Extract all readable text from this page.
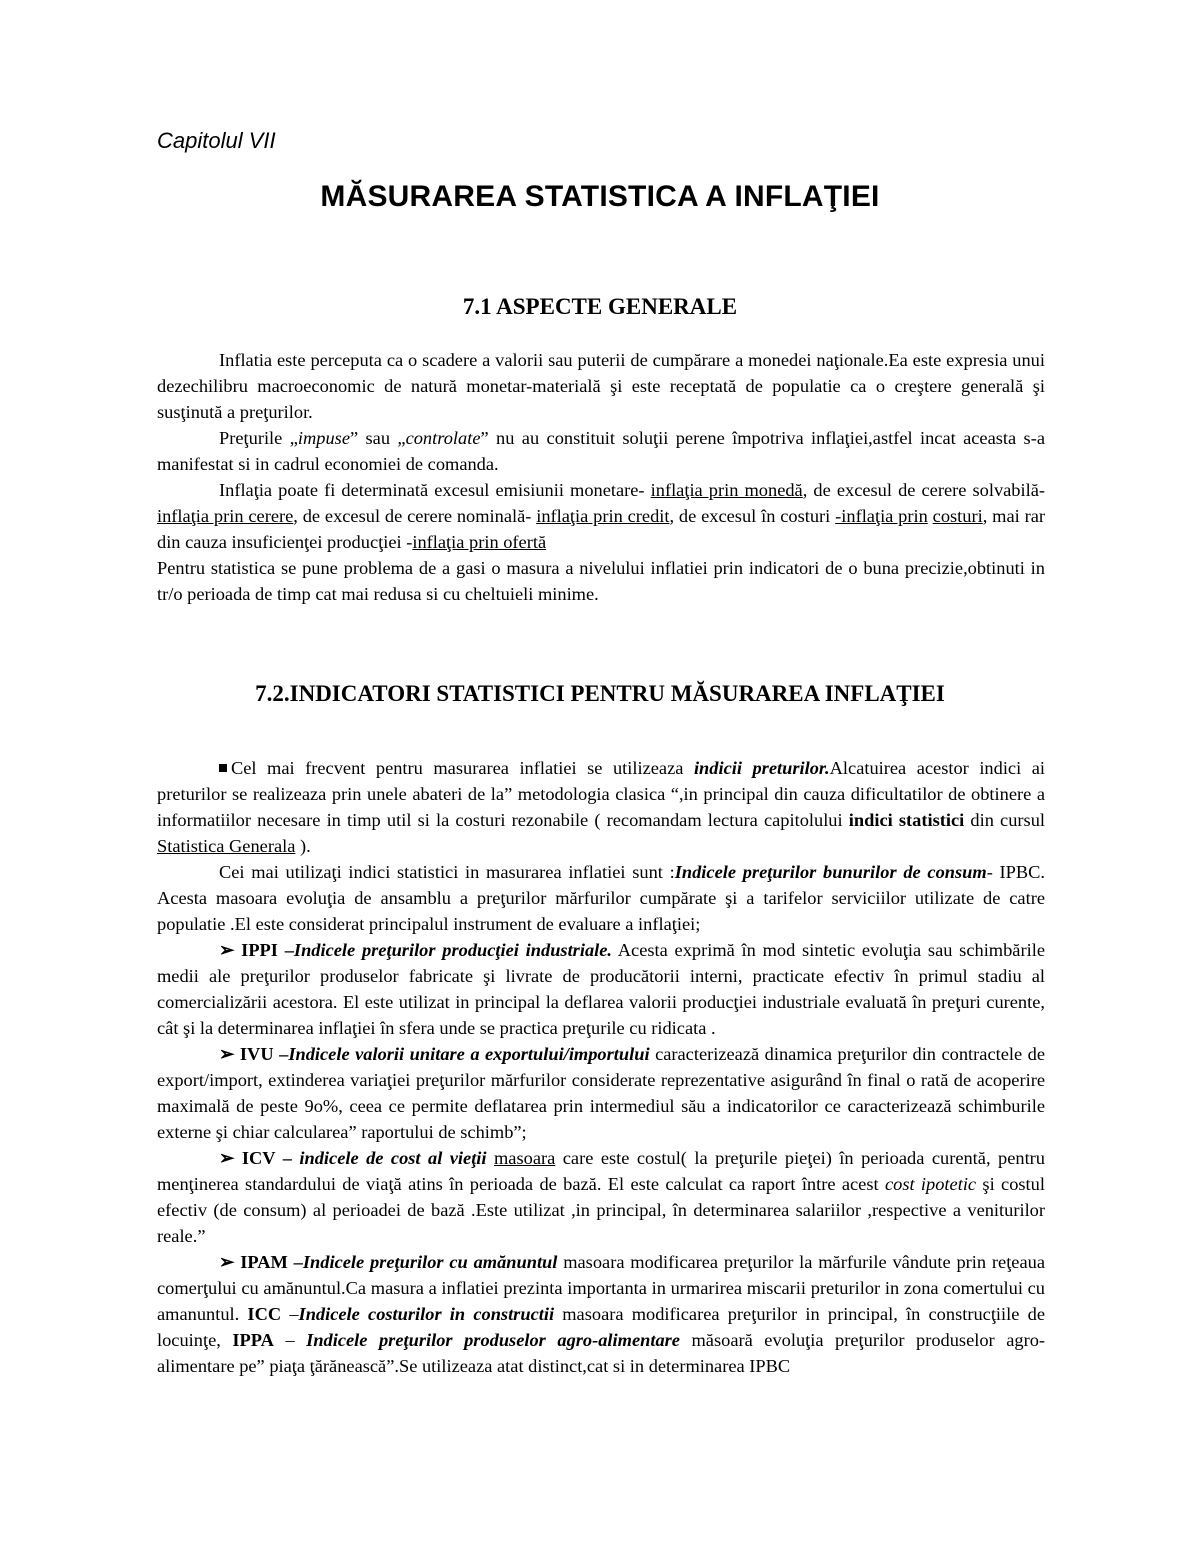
Capitolul VII
MĂSURAREA STATISTICA A INFLAŢIEI
7.1 ASPECTE GENERALE

Inflatia este perceputa ca o scadere a valorii sau puterii de cumpărare a monedei naţionale.Ea este expresia unui dezechilibru macroeconomic de natură monetar-materială şi este receptată de populatie ca o creştere generală şi susţinută a preţurilor.

Preţurile „impuse” sau „controlate” nu au constituit soluţii perene împotriva inflaţiei,astfel incat aceasta s-a manifestat si in cadrul economiei de comanda.

Inflaţia poate fi determinată excesul emisiunii monetare- inflaţia prin monedă, de excesul de cerere solvabilă- inflaţia prin cerere, de excesul de cerere nominală- inflaţia prin credit, de excesul în costuri -inflaţia prin costuri, mai rar din cauza insuficienţei producţiei -inflaţia prin ofertă

Pentru statistica se pune problema de a gasi o masura a nivelului inflatiei prin indicatori de o buna precizie,obtinuti in tr/o perioada de timp cat mai redusa si cu cheltuieli minime.

7.2.INDICATORI STATISTICI PENTRU MĂSURAREA INFLAŢIEI

Cel mai frecvent pentru masurarea inflatiei se utilizeaza indicii preturilor.Alcatuirea acestor indici ai preturilor se realizeaza prin unele abateri de la” metodologia clasica “,in principal din cauza dificultatilor de obtinere a informatiilor necesare in timp util si la costuri rezonabile ( recomandam lectura capitolului indici statistici din cursul Statistica Generala ).

Cei mai utilizaţi indici statistici in masurarea inflatiei sunt :Indicele preţurilor bunurilor de consum- IPBC. Acesta masoara evoluţia de ansamblu a preţurilor mărfurilor cumpărate şi a tarifelor serviciilor utilizate de catre populatie .El este considerat principalul instrument de evaluare a inflaţiei;

➢ IPPI –Indicele preţurilor producţiei industriale. Acesta exprimă în mod sintetic evoluţia sau schimbările medii ale preţurilor produselor fabricate şi livrate de producătorii interni, practicate efectiv în primul stadiu al comercializării acestora. El este utilizat in principal la deflarea valorii producţiei industriale evaluată în preţuri curente, cât şi la determinarea inflaţiei în sfera unde se practica preţurile cu ridicata .

➢ IVU –Indicele valorii unitare a exportului/importului caracterizează dinamica preţurilor din contractele de export/import, extinderea variaţiei preţurilor mărfurilor considerate reprezentative asigurând în final o rată de acoperire maximală de peste 9o%, ceea ce permite deflatarea prin intermediul său a indicatorilor ce caracterizează schimburile externe şi chiar calcularea” raportului de schimb”;

➢ ICV – indicele de cost al vieţii masoara care este costul( la preţurile pieţei) în perioada curentă, pentru menţinerea standardului de viaţă atins în perioada de bază. El este calculat ca raport între acest cost ipotetic şi costul efectiv (de consum) al perioadei de bază .Este utilizat ,in principal, în determinarea salariilor ,respective a veniturilor reale.”

➢ IPAM –Indicele preţurilor cu amănuntul masoara modificarea preţurilor la mărfurile vândute prin reţeaua comerţului cu amănuntul.Ca masura a inflatiei prezinta importanta in urmarirea miscarii preturilor in zona comertului cu amanuntul. ICC –Indicele costurilor in constructii masoara modificarea preţurilor in principal, în construcţiile de locuinţe, IPPA – Indicele preţurilor produselor agro-alimentare măsoară evoluţia preţurilor produselor agro-alimentare pe” piaţa ţărănească”.Se utilizeaza atat distinct,cat si in determinarea IPBC
